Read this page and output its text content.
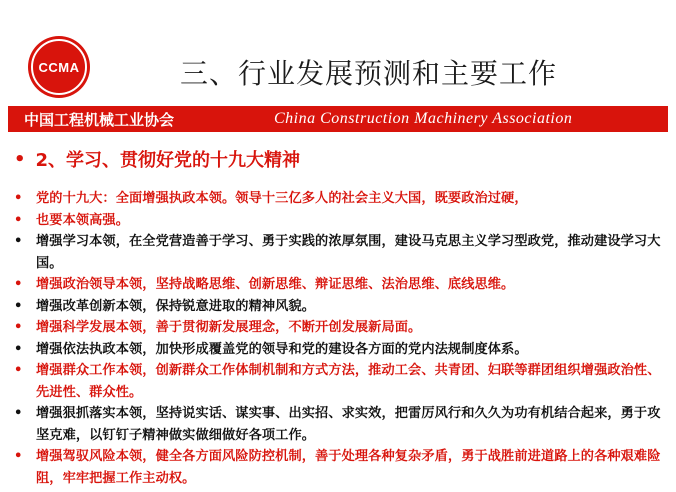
CCMA	三、行业发展预测和主要工作
中国工程机械工业协会	China Construction Machinery Association
• 2、学习、贯彻好党的十九大精神
• 党的十九大：全面增强执政本领。领导十三亿多人的社会主义大国，既要政治过硬，
• 也要本领高强。
• 增强学习本领，在全党营造善于学习、勇于实践的浓厚氛围，建设马克思主义学习型政党，推动建设学习大国。
• 增强政治领导本领，坚持战略思维、创新思维、辩证思维、法治思维、底线思维。
• 增强改革创新本领，保持锐意进取的精神风貌。
• 增强科学发展本领，善于贯彻新发展理念，不断开创发展新局面。
• 增强依法执政本领，加快形成覆盖党的领导和党的建设各方面的党内法规制度体系。
• 增强群众工作本领，创新群众工作体制机制和方式方法，推动工会、共青团、妇联等群团组织增强政治性、先进性、群众性。
• 增强狠抓落实本领，坚持说实话、谋实事、出实招、求实效，把雷厉风行和久久为功有机结合起来，勇于攻坚克难，以钉钉子精神做实做细做好各项工作。
• 增强驾驭风险本领，健全各方面风险防控机制，善于处理各种复杂矛盾，勇于战胜前进道路上的各种艰难险阻，牢牢把握工作主动权。
